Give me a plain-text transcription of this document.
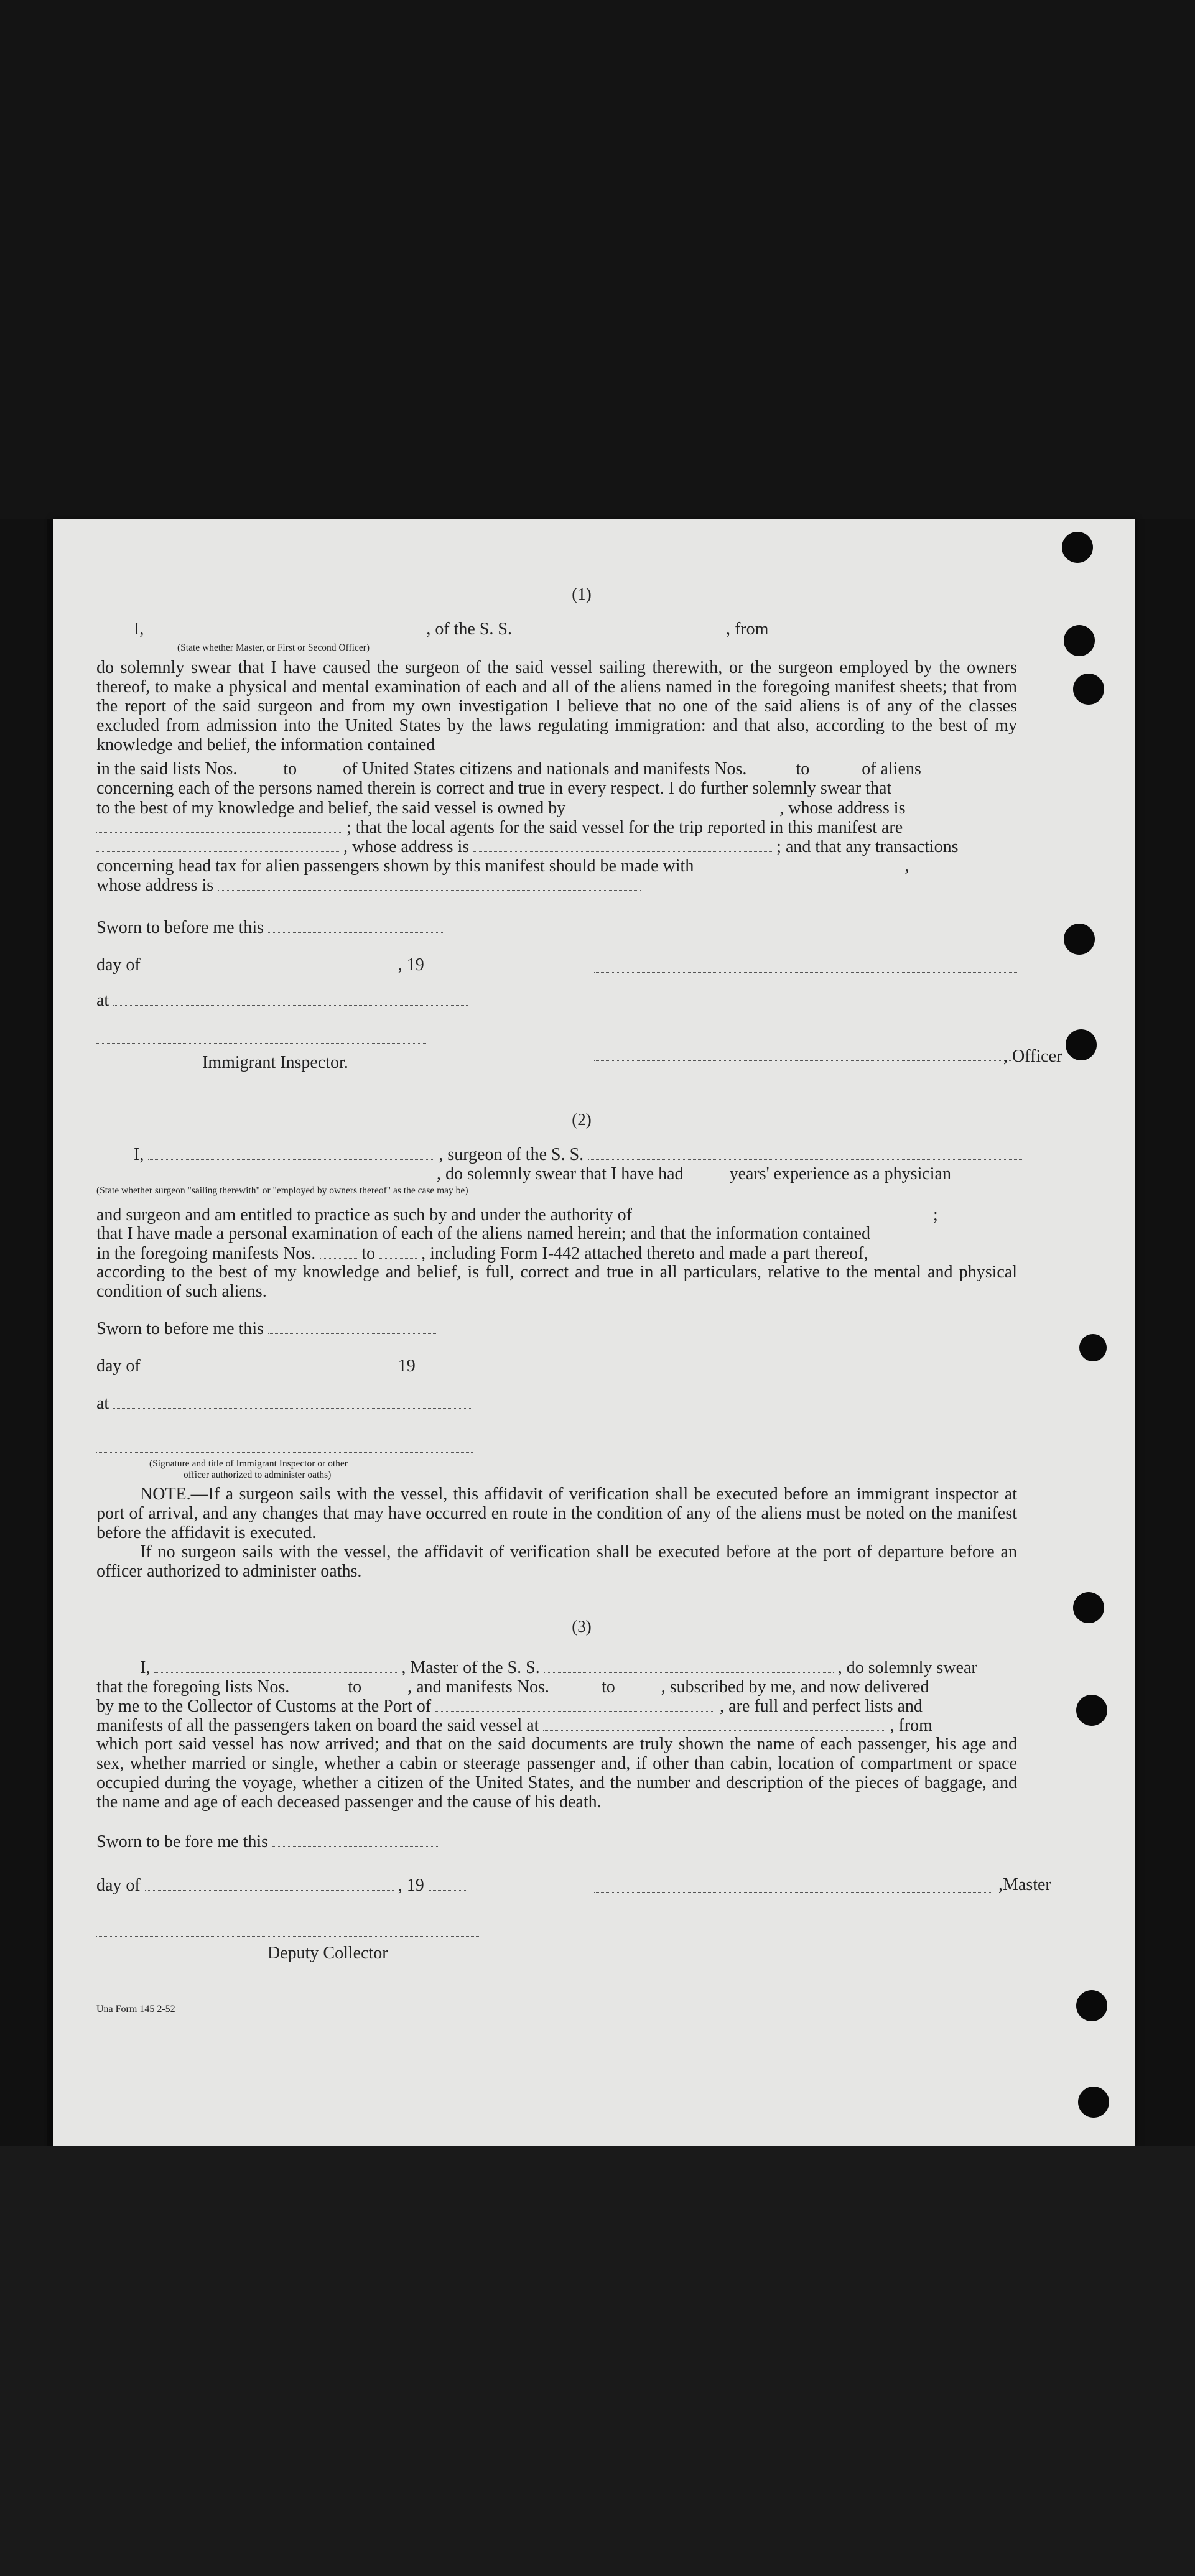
(1)
I,	, of the S. S.	, from
(State whether Master, or First or Second Officer)
do solemnly swear that I have caused the surgeon of the said vessel sailing therewith, or the surgeon employed by the owners thereof, to make a physical and mental examination of each and all of the aliens named in the foregoing manifest sheets; that from the report of the said surgeon and from my own investigation I believe that no one of the said aliens is of any of the classes excluded from admission into the United States by the laws regulating immigration: and that also, according to the best of my knowledge and belief, the information contained
in the said lists Nos.	to	of United States citizens and nationals and manifests Nos.	to	of aliens
concerning each of the persons named therein is correct and true in every respect. I do further solemnly swear that
to the best of my knowledge and belief, the said vessel is owned by	, whose address is
; that the local agents for the said vessel for the trip reported in this manifest are
, whose address is	; and that any transactions
concerning head tax for alien passengers shown by this manifest should be made with	,
whose address is
Sworn to before me this
day of	, 19
at
, Officer
Immigrant Inspector.
(2)
I,	, surgeon of the S. S.
, do solemnly swear that I have had	years' experience as a physician
(State whether surgeon "sailing therewith" or "employed by owners thereof" as the case may be)
and surgeon and am entitled to practice as such by and under the authority of	;
that I have made a personal examination of each of the aliens named herein; and that the information contained
in the foregoing manifests Nos.	to	, including Form I-442 attached thereto and made a part thereof,
according to the best of my knowledge and belief, is full, correct and true in all particulars, relative to the mental and physical condition of such aliens.
Sworn to before me this
day of	19
at
(Signature and title of Immigrant Inspector or other
officer authorized to administer oaths)
NOTE.—If a surgeon sails with the vessel, this affidavit of verification shall be executed before an immigrant inspector at port of arrival, and any changes that may have occurred en route in the condition of any of the aliens must be noted on the manifest before the affidavit is executed.
If no surgeon sails with the vessel, the affidavit of verification shall be executed before at the port of departure before an officer authorized to administer oaths.
(3)
I,	, Master of the S. S.	, do solemnly swear
that the foregoing lists Nos.	to	, and manifests Nos.	to	, subscribed by me, and now delivered
by me to the Collector of Customs at the Port of	, are full and perfect lists and
manifests of all the passengers taken on board the said vessel at	, from
which port said vessel has now arrived; and that on the said documents are truly shown the name of each passenger, his age and sex, whether married or single, whether a cabin or steerage passenger and, if other than cabin, location of compartment or space occupied during the voyage, whether a citizen of the United States, and the number and description of the pieces of baggage, and the name and age of each deceased passenger and the cause of his death.
Sworn to be fore me this
day of	, 19	,Master
Deputy Collector
Una Form 145 2-52
